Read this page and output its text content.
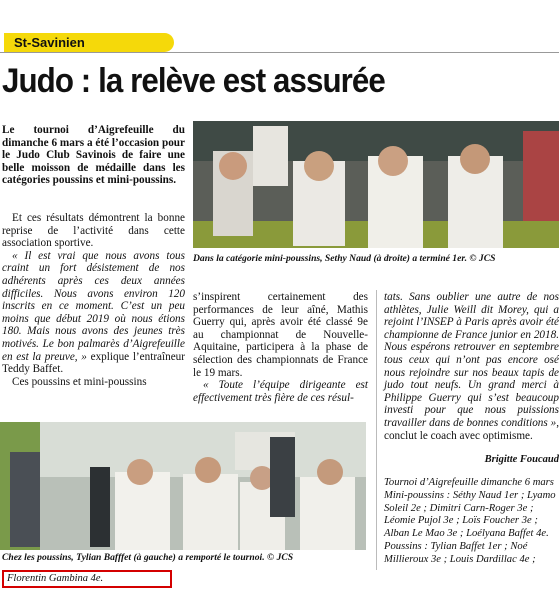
St-Savinien
Judo : la relève est assurée
Le tournoi d’Aigrefeuille du dimanche 6 mars a été l’occasion pour le Judo Club Savinois de faire une belle moisson de médaille dans les catégories poussins et mini-poussins.

Et ces résultats démontrent la bonne reprise de l’activité dans cette association sportive.

« Il est vrai que nous avons tous craint un fort désistement de nos adhérents après ces deux années difficiles. Nous avons environ 120 inscrits en ce moment. C’est un peu moins que début 2019 où nous étions 180. Mais nous avons des jeunes très motivés. Le bon palmarès d’Aigrefeuille en est la preuve, » explique l’entraîneur Teddy Baffet.

Ces poussins et mini-poussins

Dans la catégorie mini-poussins, Sethy Naud (à droite) a terminé 1er. © JCS

s’inspirent certainement des performances de leur aîné, Mathis Guerry qui, après avoir été classé 9e au championnat de Nouvelle-Aquitaine, participera à la phase de sélection des championnats de France le 19 mars.

« Toute l’équipe dirigeante est effectivement très fière de ces résul-

tats. Sans oublier une autre de nos athlètes, Julie Weill dit Morey, qui a rejoint l’INSEP à Paris après avoir été championne de France junior en 2018. Nous espérons retrouver en septembre tous ceux qui n’ont pas encore osé nous rejoindre sur nos beaux tapis de judo tout neufs. Un grand merci à Philippe Guerry qui s’est beaucoup investi pour que nous puissions travailler dans de bonnes conditions », conclut le coach avec optimisme.

Brigitte Foucaud
Tournoi d’Aigrefeuille dimanche 6 mars Mini-poussins : Séthy Naud 1er ; Lyamo Soleil 2e ; Dimitri Carn-Roger 3e ; Léomie Pujol 3e ; Loïs Foucher 3e ; Alban Le Mao 3e ; Loélyana Baffet 4e. Poussins : Tylian Baffet 1er ; Noé Millieroux 3e ; Louis Dardillac 4e ;
Chez les poussins, Tylian Bafffet (à gauche) a remporté le tournoi. © JCS
Florentin Gambina 4e.
